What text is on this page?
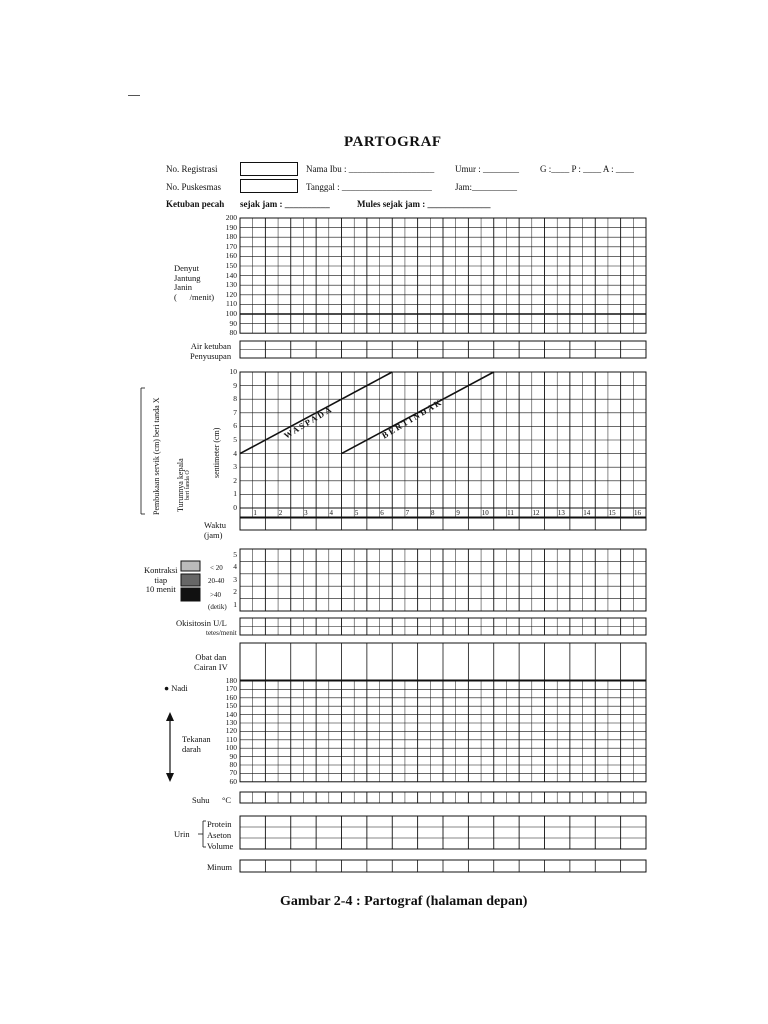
PARTOGRAF
No. Registrasi
No. Puskesmas
Ketuban pecah
Nama Ibu : ___________________ Umur : ________ G :____ P : ____ A : ____
Tanggal : ____________________	Jam:__________
sejak jam : __________	Mules sejak jam : ______________
Denyut
Jantung
Janin
(      /menit)
Air ketuban
Penyusupan
Waktu
(jam)
Kontraksi
tiap
10 menit
(detik)
Okisitosin U/L
tetes/menit
Obat dan
Cairan IV
● Nadi
Tekanan
darah
Suhu °C
Urin
Protein
Aseton
Volume
Minum
< 20
20-40
>40
Pembukaan servik (cm) beri tanda X Turunnya kepala beri tanda O
sentimeter (cm)
200
190
180
170
160
150
140
130
120
110
100
90
80
10
9
8
7
6
5
4
3
2
1
0
1	2	3	4	5	6	7	8	9	10	11	12	13	14	15	16
WASPADA	BERTINDAK
5
4
3
2
1
180
170
160
150
140
130
120
110
100
90
80
70
60
Gambar 2-4 : Partograf (halaman depan)
